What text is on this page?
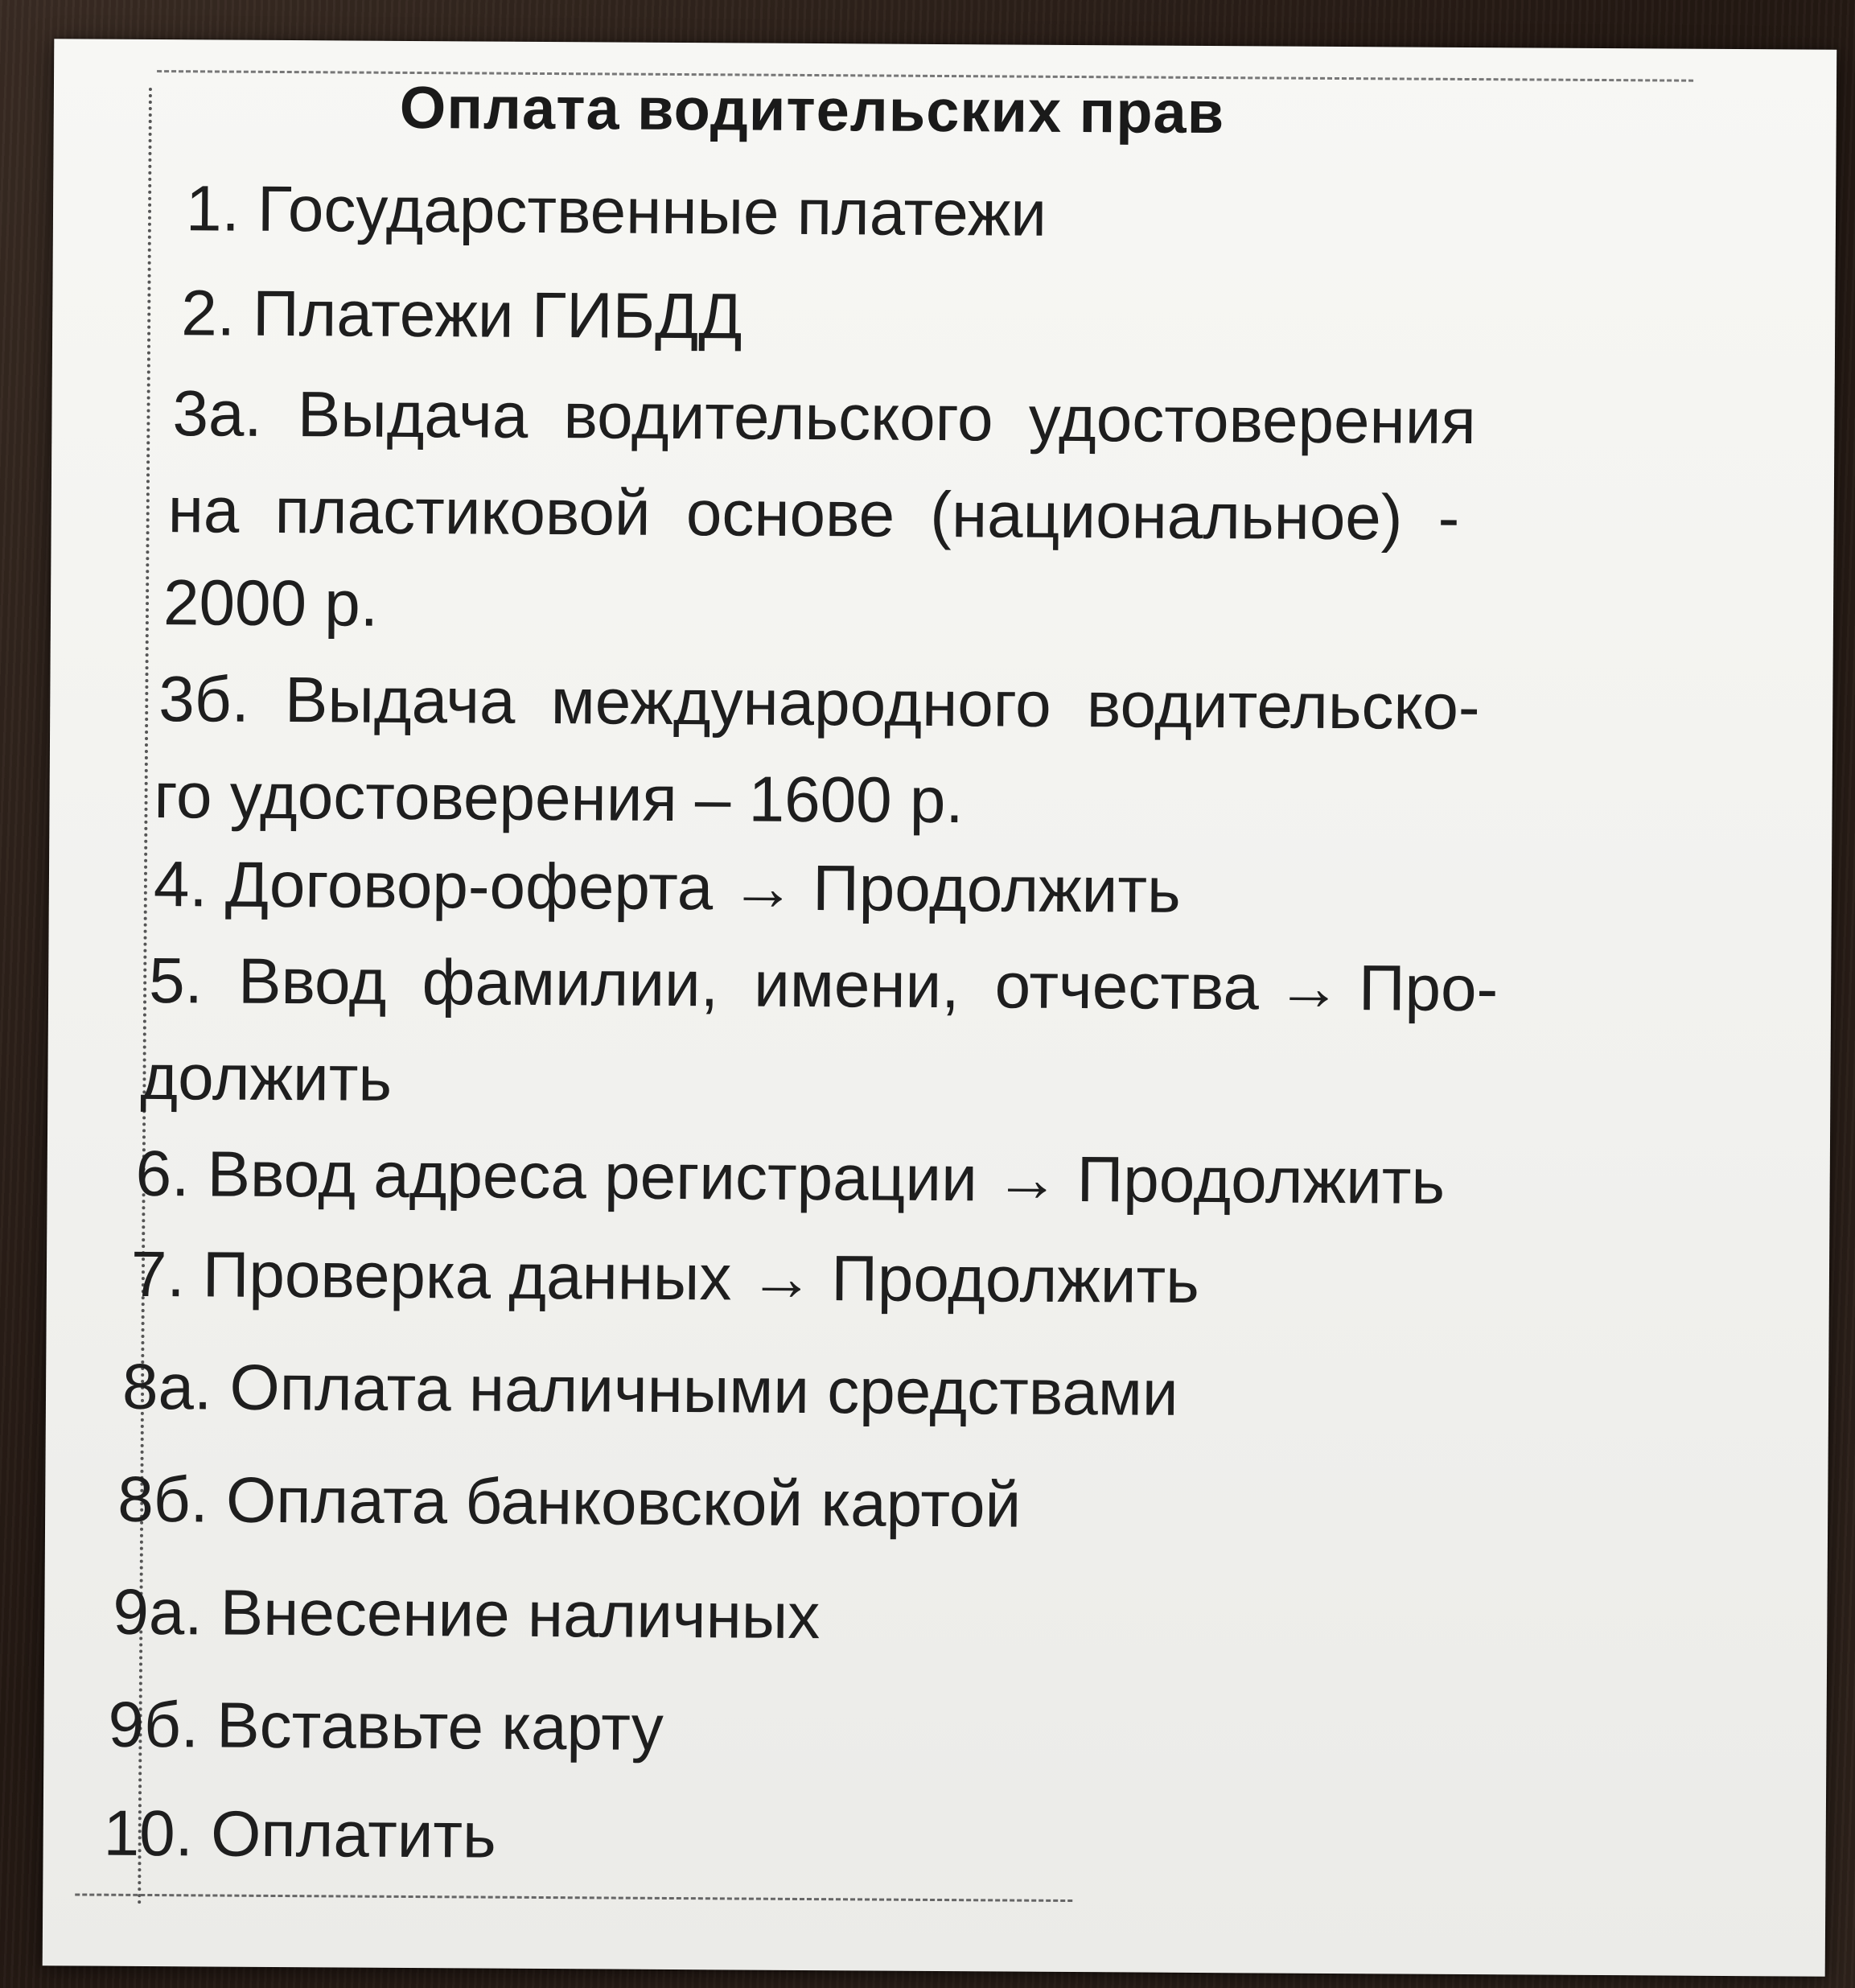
Оплата водительских прав
1. Государственные платежи
2. Платежи ГИБДД
3а. Выдача водительского удостоверения
на пластиковой основе (национальное) -
2000 р.
3б. Выдача международного водительско-
го удостоверения – 1600 р.
4. Договор-оферта → Продолжить
5. Ввод фамилии, имени, отчества → Про-
должить
6. Ввод адреса регистрации → Продолжить
7. Проверка данных → Продолжить
8а. Оплата наличными средствами
8б. Оплата банковской картой
9а. Внесение наличных
9б. Вставьте карту
10. Оплатить
